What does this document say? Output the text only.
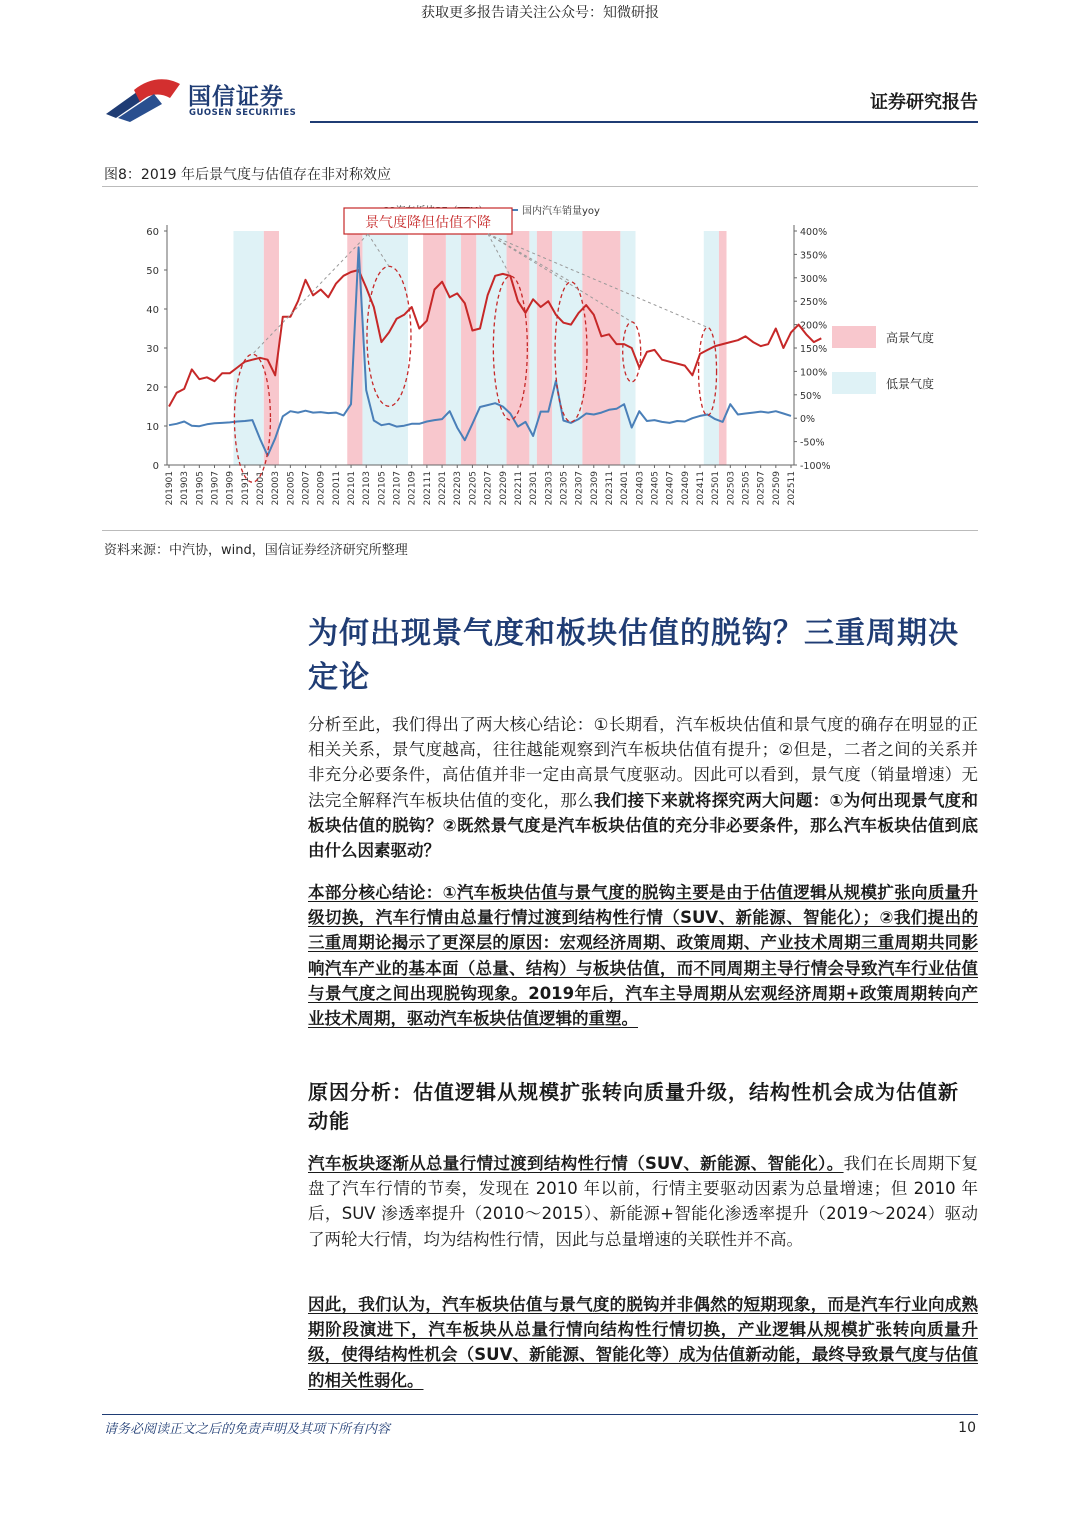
获取更多报告请关注公众号：知微研报
国信证券
GUOSEN SECURITIES	证券研究报告
图8：2019 年后景气度与估值存在非对称效应
0
10
20
30
40
50
60	400%
350%
300%
250%
200%
150%
100%
50%
0%
-50%
-100%
201901 201903 201905 201907 201909 201911 202001 202003 202005 202007 202009 202011 202101 202103 202105 202107 202109 202111 202201 202203 202205 202207 202209 202211 202301 202303 202305 202307 202309 202311 202401 202403 202405 202407 202409 202411 202501 202503 202505 202507 202509 202511
国内汽车销量yoy
高景气度
低景气度
景气度降但估值不降
资料来源：中汽协，wind，国信证券经济研究所整理
为何出现景气度和板块估值的脱钩？三重周期决定论
分析至此，我们得出了两大核心结论：①长期看，汽车板块估值和景气度的确存在明显的正相关关系，景气度越高，往往越能观察到汽车板块估值有提升；②但是，二者之间的关系并非充分必要条件，高估值并非一定由高景气度驱动。因此可以看到，景气度（销量增速）无法完全解释汽车板块估值的变化，那么我们接下来就将探究两大问题：①为何出现景气度和板块估值的脱钩？②既然景气度是汽车板块估值的充分非必要条件，那么汽车板块估值到底由什么因素驱动？
本部分核心结论：①汽车板块估值与景气度的脱钩主要是由于估值逻辑从规模扩张向质量升级切换，汽车行情由总量行情过渡到结构性行情（SUV、新能源、智能化）；②我们提出的三重周期论揭示了更深层的原因：宏观经济周期、政策周期、产业技术周期三重周期共同影响汽车产业的基本面（总量、结构）与板块估值，而不同周期主导行情会导致汽车行业估值与景气度之间出现脱钩现象。2019年后，汽车主导周期从宏观经济周期+政策周期转向产业技术周期，驱动汽车板块估值逻辑的重塑。
原因分析：估值逻辑从规模扩张转向质量升级，结构性机会成为估值新动能
汽车板块逐渐从总量行情过渡到结构性行情（SUV、新能源、智能化）。我们在长周期下复盘了汽车行情的节奏，发现在 2010 年以前，行情主要驱动因素为总量增速；但 2010 年后，SUV 渗透率提升（2010～2015）、新能源+智能化渗透率提升（2019～2024）驱动了两轮大行情，均为结构性行情，因此与总量增速的关联性并不高。
因此，我们认为，汽车板块估值与景气度的脱钩并非偶然的短期现象，而是汽车行业向成熟期阶段演进下，汽车板块从总量行情向结构性行情切换，产业逻辑从规模扩张转向质量升级，使得结构性机会（SUV、新能源、智能化等）成为估值新动能，最终导致景气度与估值的相关性弱化。
请务必阅读正文之后的免责声明及其项下所有内容	10
